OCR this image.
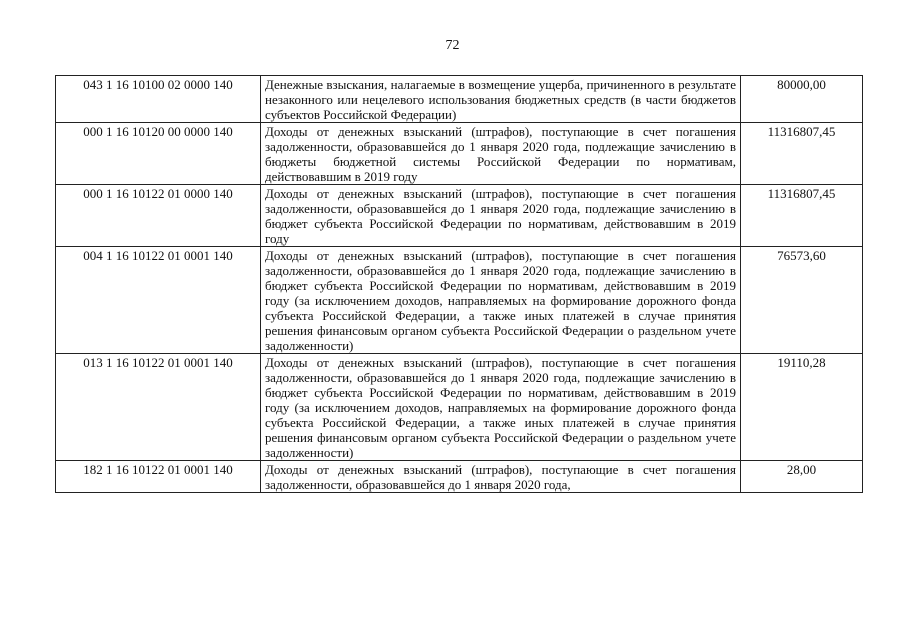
72
043 1 16 10100 02 0000 140	Денежные взыскания, налагаемые в возмещение ущерба, причиненного в результате незаконного или нецелевого использования бюджетных средств (в части бюджетов субъектов Российской Федерации)	80000,00
000 1 16 10120 00 0000 140	Доходы от денежных взысканий (штрафов), поступающие в счет погашения задолженности, образовавшейся до 1 января 2020 года, подлежащие зачислению в бюджеты бюджетной системы Российской Федерации по нормативам, действовавшим в 2019 году	11316807,45
000 1 16 10122 01 0000 140	Доходы от денежных взысканий (штрафов), поступающие в счет погашения задолженности, образовавшейся до 1 января 2020 года, подлежащие зачислению в бюджет субъекта Российской Федерации по нормативам, действовавшим в 2019 году	11316807,45
004 1 16 10122 01 0001 140	Доходы от денежных взысканий (штрафов), поступающие в счет погашения задолженности, образовавшейся до 1 января 2020 года, подлежащие зачислению в бюджет субъекта Российской Федерации по нормативам, действовавшим в 2019 году (за исключением доходов, направляемых на формирование дорожного фонда субъекта Российской Федерации, а также иных платежей в случае принятия решения финансовым органом субъекта Российской Федерации о раздельном учете задолженности)	76573,60
013 1 16 10122 01 0001 140	Доходы от денежных взысканий (штрафов), поступающие в счет погашения задолженности, образовавшейся до 1 января 2020 года, подлежащие зачислению в бюджет субъекта Российской Федерации по нормативам, действовавшим в 2019 году (за исключением доходов, направляемых на формирование дорожного фонда субъекта Российской Федерации, а также иных платежей в случае принятия решения финансовым органом субъекта Российской Федерации о раздельном учете задолженности)	19110,28
182 1 16 10122 01 0001 140	Доходы от денежных взысканий (штрафов), поступающие в счет погашения задолженности, образовавшейся до 1 января 2020 года,	28,00
